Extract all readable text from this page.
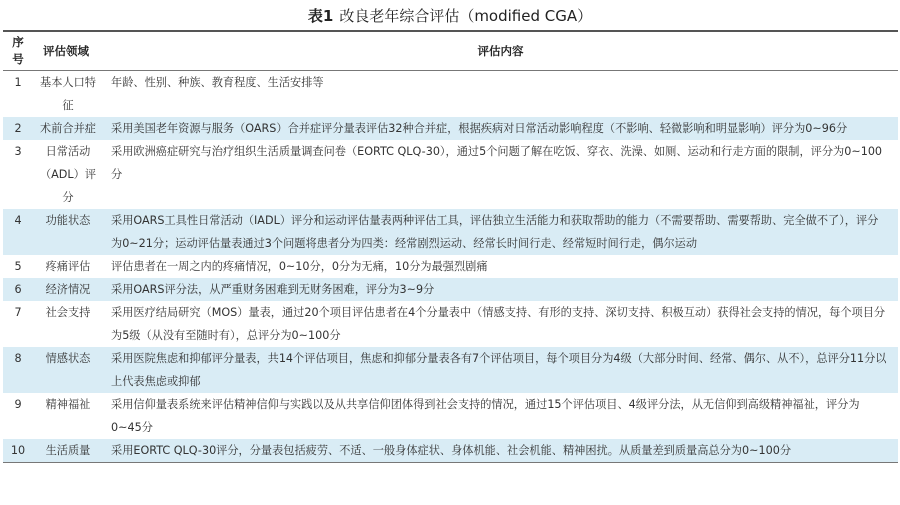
表1 改良老年综合评估（modified CGA）
序号	评估领域	评估内容
1	基本人口特征	年龄、性别、种族、教育程度、生活安排等
2	术前合并症	采用美国老年资源与服务（OARS）合并症评分量表评估32种合并症，根据疾病对日常活动影响程度（不影响、轻微影响和明显影响）评分为0~96分
3	日常活动（ADL）评分	采用欧洲癌症研究与治疗组织生活质量调查问卷（EORTC QLQ-30），通过5个问题了解在吃饭、穿衣、洗澡、如厕、运动和行走方面的限制，评分为0~100分
4	功能状态	采用OARS工具性日常活动（IADL）评分和运动评估量表两种评估工具，评估独立生活能力和获取帮助的能力（不需要帮助、需要帮助、完全做不了），评分为0~21分；运动评估量表通过3个问题将患者分为四类：经常剧烈运动、经常长时间行走、经常短时间行走，偶尔运动
5	疼痛评估	评估患者在一周之内的疼痛情况，0~10分，0分为无痛，10分为最强烈剧痛
6	经济情况	采用OARS评分法，从严重财务困难到无财务困难，评分为3~9分
7	社会支持	采用医疗结局研究（MOS）量表，通过20个项目评估患者在4个分量表中（情感支持、有形的支持、深切支持、积极互动）获得社会支持的情况，每个项目分为5级（从没有至随时有），总评分为0~100分
8	情感状态	采用医院焦虑和抑郁评分量表，共14个评估项目，焦虑和抑郁分量表各有7个评估项目，每个项目分为4级（大部分时间、经常、偶尔、从不），总评分11分以上代表焦虑或抑郁
9	精神福祉	采用信仰量表系统来评估精神信仰与实践以及从共享信仰团体得到社会支持的情况，通过15个评估项目、4级评分法，从无信仰到高级精神福祉，评分为0~45分
10	生活质量	采用EORTC QLQ-30评分，分量表包括疲劳、不适、一般身体症状、身体机能、社会机能、精神困扰。从质量差到质量高总分为0~100分
